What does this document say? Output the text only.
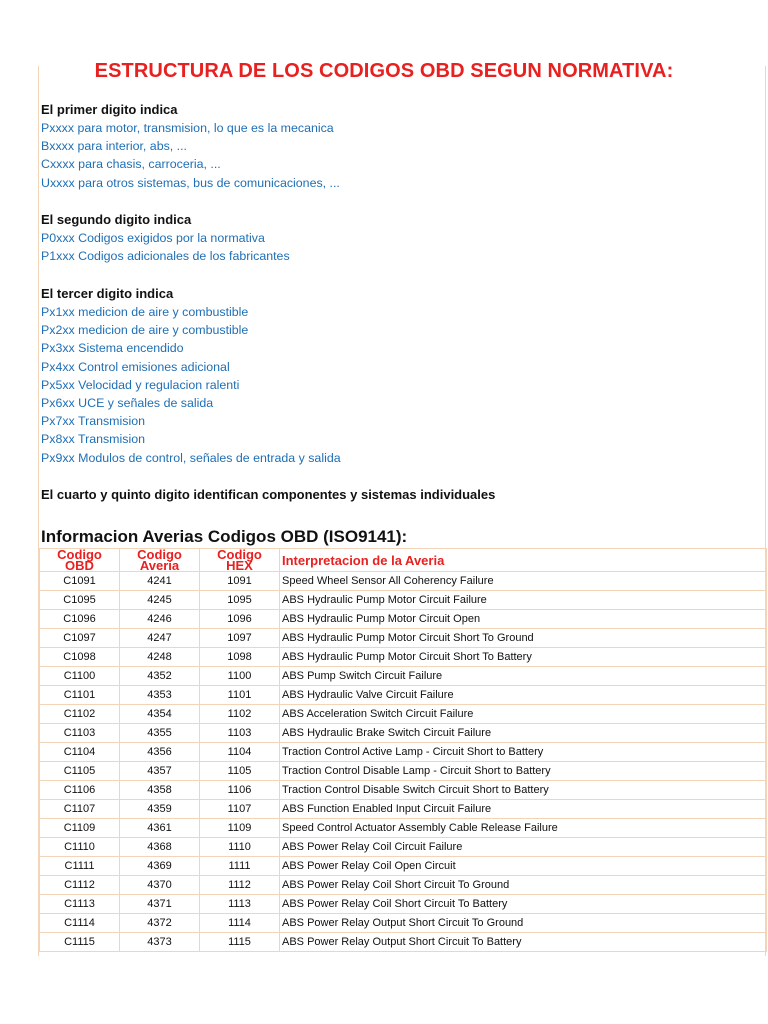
ESTRUCTURA DE LOS CODIGOS OBD SEGUN NORMATIVA:
El primer digito indica
Pxxxx para motor, transmision, lo que es la mecanica
Bxxxx para interior, abs, ...
Cxxxx para chasis, carroceria, ...
Uxxxx para otros sistemas, bus de comunicaciones, ...
El segundo digito indica
P0xxx Codigos exigidos por la normativa
P1xxx Codigos adicionales de los fabricantes
El tercer digito indica
Px1xx medicion de aire y combustible
Px2xx medicion de aire y combustible
Px3xx Sistema encendido
Px4xx Control emisiones adicional
Px5xx Velocidad y regulacion ralenti
Px6xx UCE y señales de salida
Px7xx Transmision
Px8xx Transmision
Px9xx Modulos de control, señales de entrada y salida
El cuarto y quinto digito identifican componentes y sistemas individuales
Informacion Averias Codigos OBD (ISO9141):
Codigo OBD	Codigo Averia	Codigo HEX	Interpretacion de la Averia
C1091	4241	1091	Speed Wheel Sensor All Coherency Failure
C1095	4245	1095	ABS Hydraulic Pump Motor Circuit Failure
C1096	4246	1096	ABS Hydraulic Pump Motor Circuit Open
C1097	4247	1097	ABS Hydraulic Pump Motor Circuit Short To Ground
C1098	4248	1098	ABS Hydraulic Pump Motor Circuit Short To Battery
C1100	4352	1100	ABS Pump Switch Circuit Failure
C1101	4353	1101	ABS Hydraulic Valve Circuit Failure
C1102	4354	1102	ABS Acceleration Switch Circuit Failure
C1103	4355	1103	ABS Hydraulic Brake Switch Circuit Failure
C1104	4356	1104	Traction Control Active Lamp - Circuit Short to Battery
C1105	4357	1105	Traction Control Disable Lamp - Circuit Short to Battery
C1106	4358	1106	Traction Control Disable Switch Circuit Short to Battery
C1107	4359	1107	ABS Function Enabled Input Circuit Failure
C1109	4361	1109	Speed Control Actuator Assembly Cable Release Failure
C1110	4368	1110	ABS Power Relay Coil Circuit Failure
C1111	4369	1111	ABS Power Relay Coil Open Circuit
C1112	4370	1112	ABS Power Relay Coil Short Circuit To Ground
C1113	4371	1113	ABS Power Relay Coil Short Circuit To Battery
C1114	4372	1114	ABS Power Relay Output Short Circuit To Ground
C1115	4373	1115	ABS Power Relay Output Short Circuit To Battery
